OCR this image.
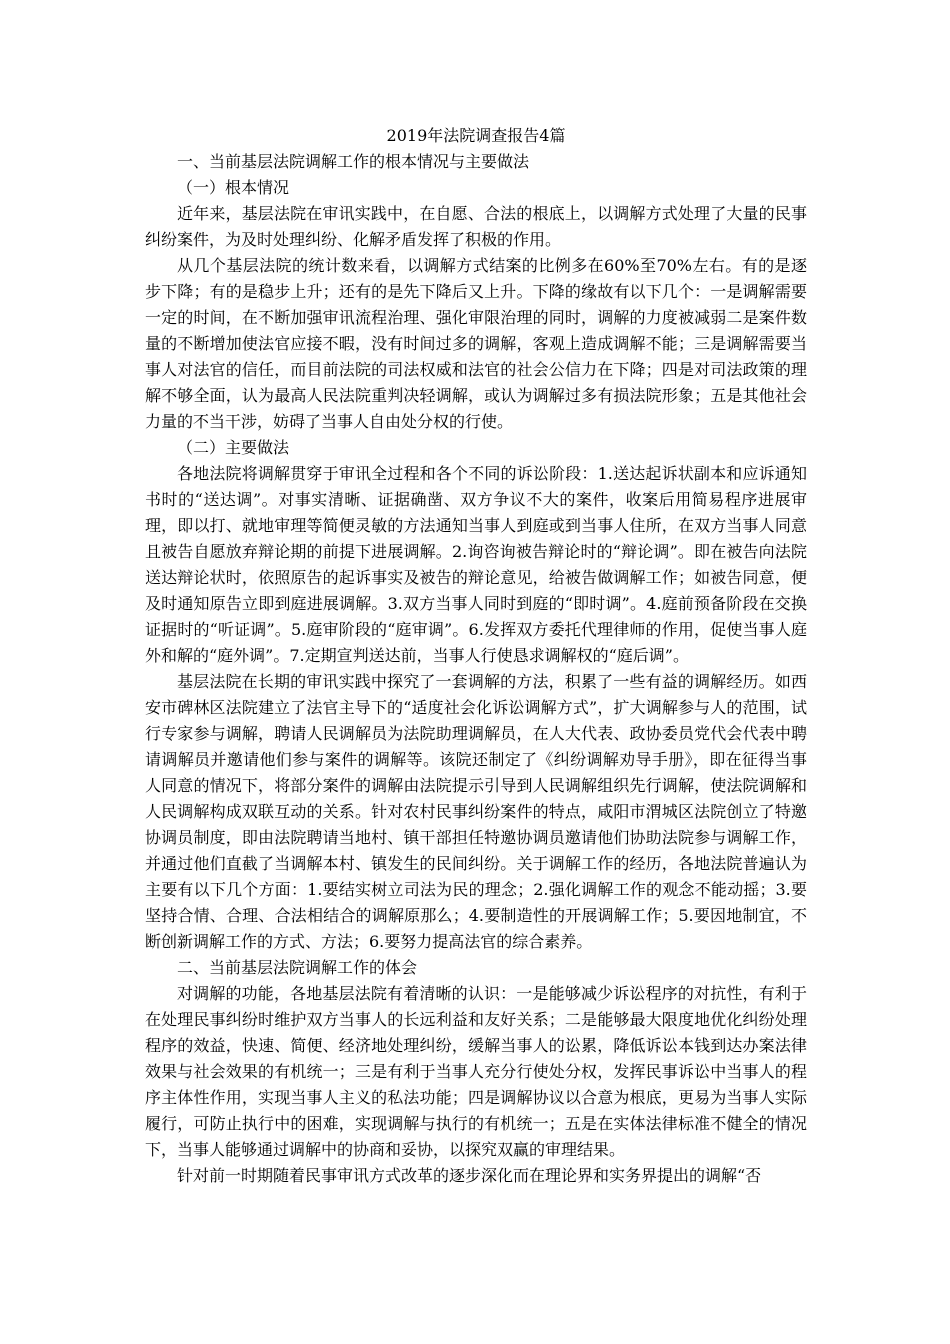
2019年法院调查报告4篇

一、当前基层法院调解工作的根本情况与主要做法

（一）根本情况

近年来，基层法院在审讯实践中，在自愿、合法的根底上，以调解方式处理了大量的民事纠纷案件，为及时处理纠纷、化解矛盾发挥了积极的作用。

从几个基层法院的统计数来看，以调解方式结案的比例多在60%至70%左右。有的是逐步下降；有的是稳步上升；还有的是先下降后又上升。下降的缘故有以下几个：一是调解需要一定的时间，在不断加强审讯流程治理、强化审限治理的同时，调解的力度被减弱二是案件数量的不断增加使法官应接不暇，没有时间过多的调解，客观上造成调解不能；三是调解需要当事人对法官的信任，而目前法院的司法权威和法官的社会公信力在下降；四是对司法政策的理解不够全面，认为最高人民法院重判决轻调解，或认为调解过多有损法院形象；五是其他社会力量的不当干涉，妨碍了当事人自由处分权的行使。

（二）主要做法

各地法院将调解贯穿于审讯全过程和各个不同的诉讼阶段：1.送达起诉状副本和应诉通知书时的“送达调”。对事实清晰、证据确凿、双方争议不大的案件，收案后用简易程序进展审理，即以打、就地审理等简便灵敏的方法通知当事人到庭或到当事人住所，在双方当事人同意且被告自愿放弃辩论期的前提下进展调解。2.询咨询被告辩论时的“辩论调”。即在被告向法院送达辩论状时，依照原告的起诉事实及被告的辩论意见，给被告做调解工作；如被告同意，便及时通知原告立即到庭进展调解。3.双方当事人同时到庭的“即时调”。4.庭前预备阶段在交换证据时的“听证调”。5.庭审阶段的“庭审调”。6.发挥双方委托代理律师的作用，促使当事人庭外和解的“庭外调”。7.定期宣判送达前，当事人行使恳求调解权的“庭后调”。

基层法院在长期的审讯实践中探究了一套调解的方法，积累了一些有益的调解经历。如西安市碑林区法院建立了法官主导下的“适度社会化诉讼调解方式”，扩大调解参与人的范围，试行专家参与调解，聘请人民调解员为法院助理调解员，在人大代表、政协委员党代会代表中聘请调解员并邀请他们参与案件的调解等。该院还制定了《纠纷调解劝导手册》，即在征得当事人同意的情况下，将部分案件的调解由法院提示引导到人民调解组织先行调解，使法院调解和人民调解构成双联互动的关系。针对农村民事纠纷案件的特点，咸阳市渭城区法院创立了特邀协调员制度，即由法院聘请当地村、镇干部担任特邀协调员邀请他们协助法院参与调解工作，并通过他们直截了当调解本村、镇发生的民间纠纷。关于调解工作的经历，各地法院普遍认为主要有以下几个方面：1.要结实树立司法为民的理念；2.强化调解工作的观念不能动摇；3.要坚持合情、合理、合法相结合的调解原那么；4.要制造性的开展调解工作；5.要因地制宜，不断创新调解工作的方式、方法；6.要努力提高法官的综合素养。

二、当前基层法院调解工作的体会

对调解的功能，各地基层法院有着清晰的认识：一是能够减少诉讼程序的对抗性，有利于在处理民事纠纷时维护双方当事人的长远利益和友好关系；二是能够最大限度地优化纠纷处理程序的效益，快速、简便、经济地处理纠纷，缓解当事人的讼累，降低诉讼本钱到达办案法律效果与社会效果的有机统一；三是有利于当事人充分行使处分权，发挥民事诉讼中当事人的程序主体性作用，实现当事人主义的私法功能；四是调解协议以合意为根底，更易为当事人实际履行，可防止执行中的困难，实现调解与执行的有机统一；五是在实体法律标准不健全的情况下，当事人能够通过调解中的协商和妥协，以探究双赢的审理结果。

针对前一时期随着民事审讯方式改革的逐步深化而在理论界和实务界提出的调解“否
